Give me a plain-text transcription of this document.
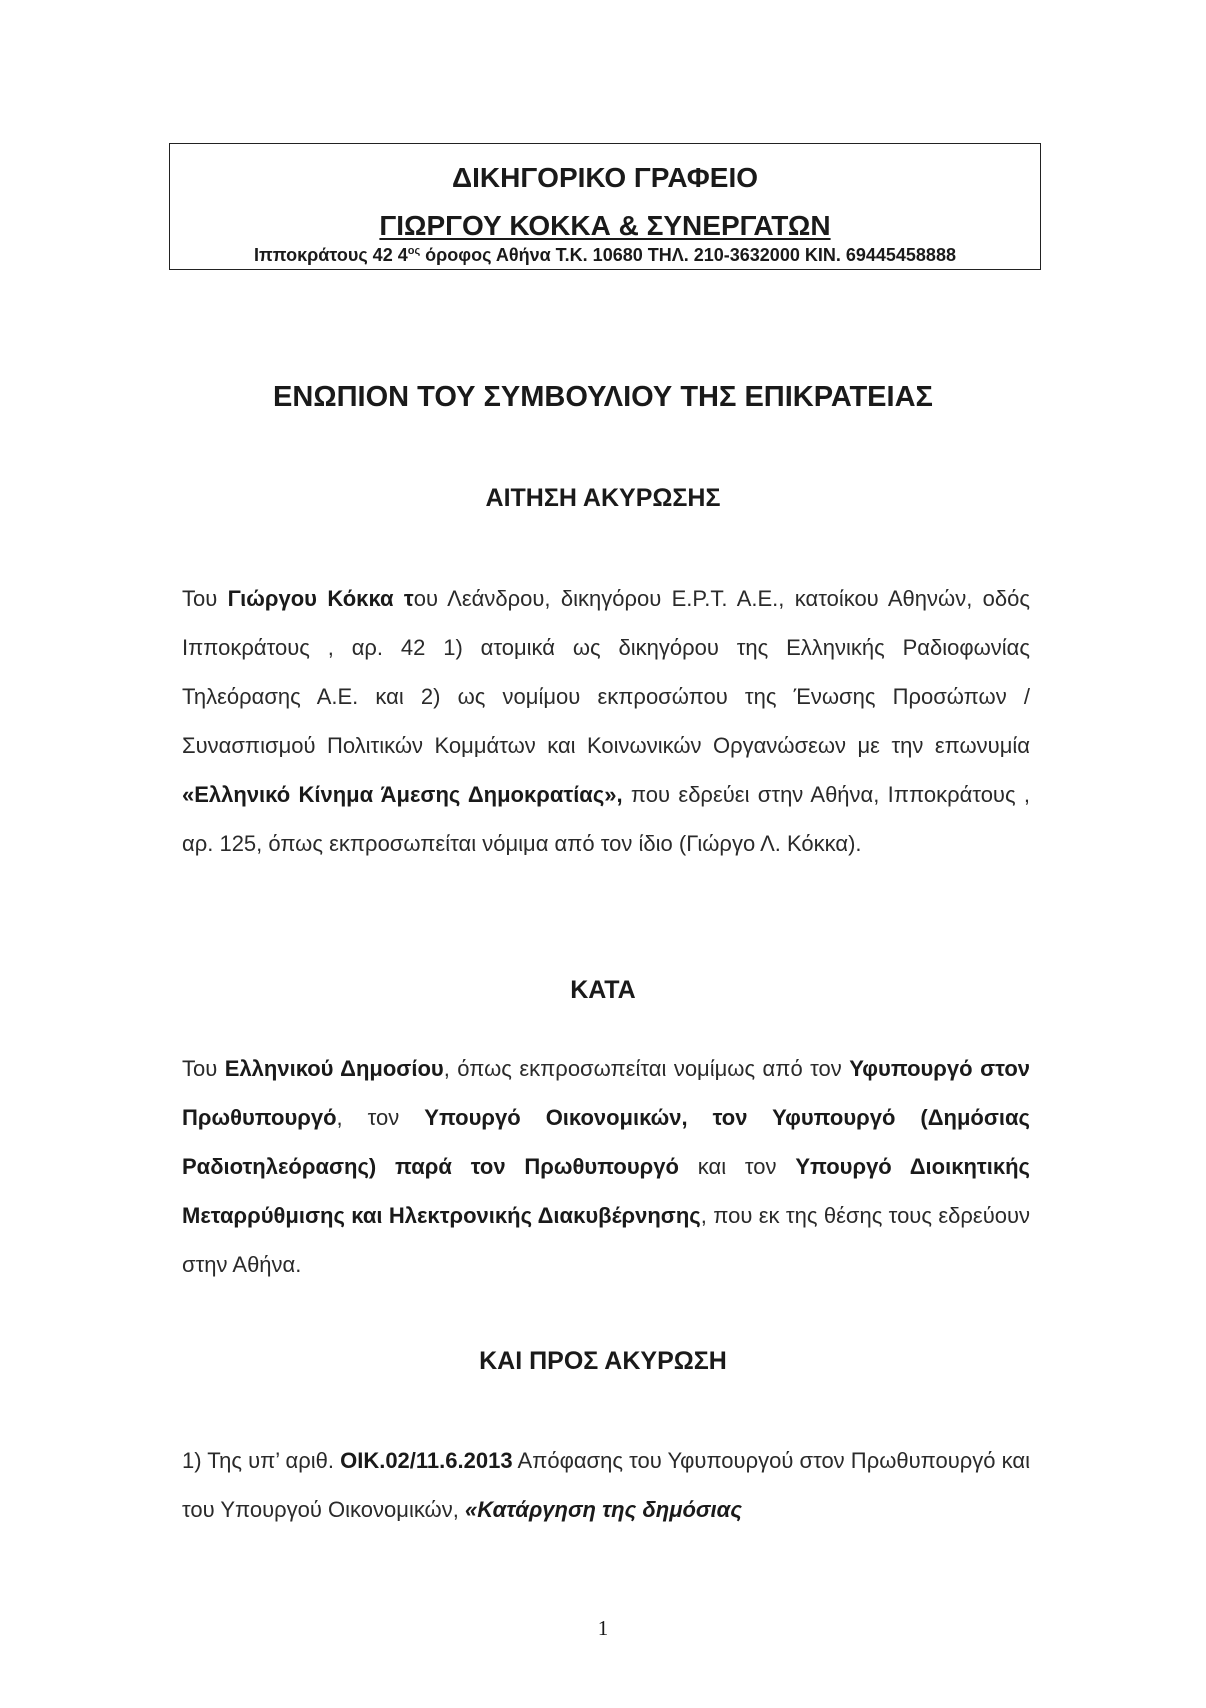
ΔΙΚΗΓΟΡΙΚΟ ΓΡΑΦΕΙΟ
ΓΙΩΡΓΟΥ ΚΟΚΚΑ & ΣΥΝΕΡΓΑΤΩΝ
Ιπποκράτους 42 $4^{o\varsigma}$ όροφος Αθήνα Τ.Κ. 10680 ΤΗΛ. 210-3632000 ΚΙΝ. 69445458888
ΕΝΩΠΙΟΝ ΤΟΥ ΣΥΜΒΟΥΛΙΟΥ ΤΗΣ ΕΠΙΚΡΑΤΕΙΑΣ
ΑΙΤΗΣΗ ΑΚΥΡΩΣΗΣ
Του Γιώργου Κόκκα του Λεάνδρου, δικηγόρου Ε.Ρ.Τ. Α.Ε., κατοίκου Αθηνών, οδός Ιπποκράτους , αρ. 42 1) ατομικά ως δικηγόρου της Ελληνικής Ραδιοφωνίας Τηλεόρασης Α.Ε. και 2) ως νομίμου εκπροσώπου της Ένωσης Προσώπων / Συνασπισμού Πολιτικών Κομμάτων και Κοινωνικών Οργανώσεων με την επωνυμία «Ελληνικό Κίνημα Άμεσης Δημοκρατίας», που εδρεύει στην Αθήνα, Ιπποκράτους , αρ. 125, όπως εκπροσωπείται νόμιμα από τον ίδιο (Γιώργο Λ. Κόκκα).
ΚΑΤΑ
Του Ελληνικού Δημοσίου, όπως εκπροσωπείται νομίμως από τον Υφυπουργό στον Πρωθυπουργό, τον Υπουργό Οικονομικών, τον Υφυπουργό (Δημόσιας Ραδιοτηλεόρασης) παρά τον Πρωθυπουργό και τον Υπουργό Διοικητικής Μεταρρύθμισης και Ηλεκτρονικής Διακυβέρνησης, που εκ της θέσης τους εδρεύουν στην Αθήνα.
ΚΑΙ ΠΡΟΣ ΑΚΥΡΩΣΗ
1) Της υπ’ αριθ. ΟΙΚ.02/11.6.2013 Απόφασης του Υφυπουργού στον Πρωθυπουργό και του Υπουργού Οικονομικών, «Κατάργηση της δημόσιας
1
